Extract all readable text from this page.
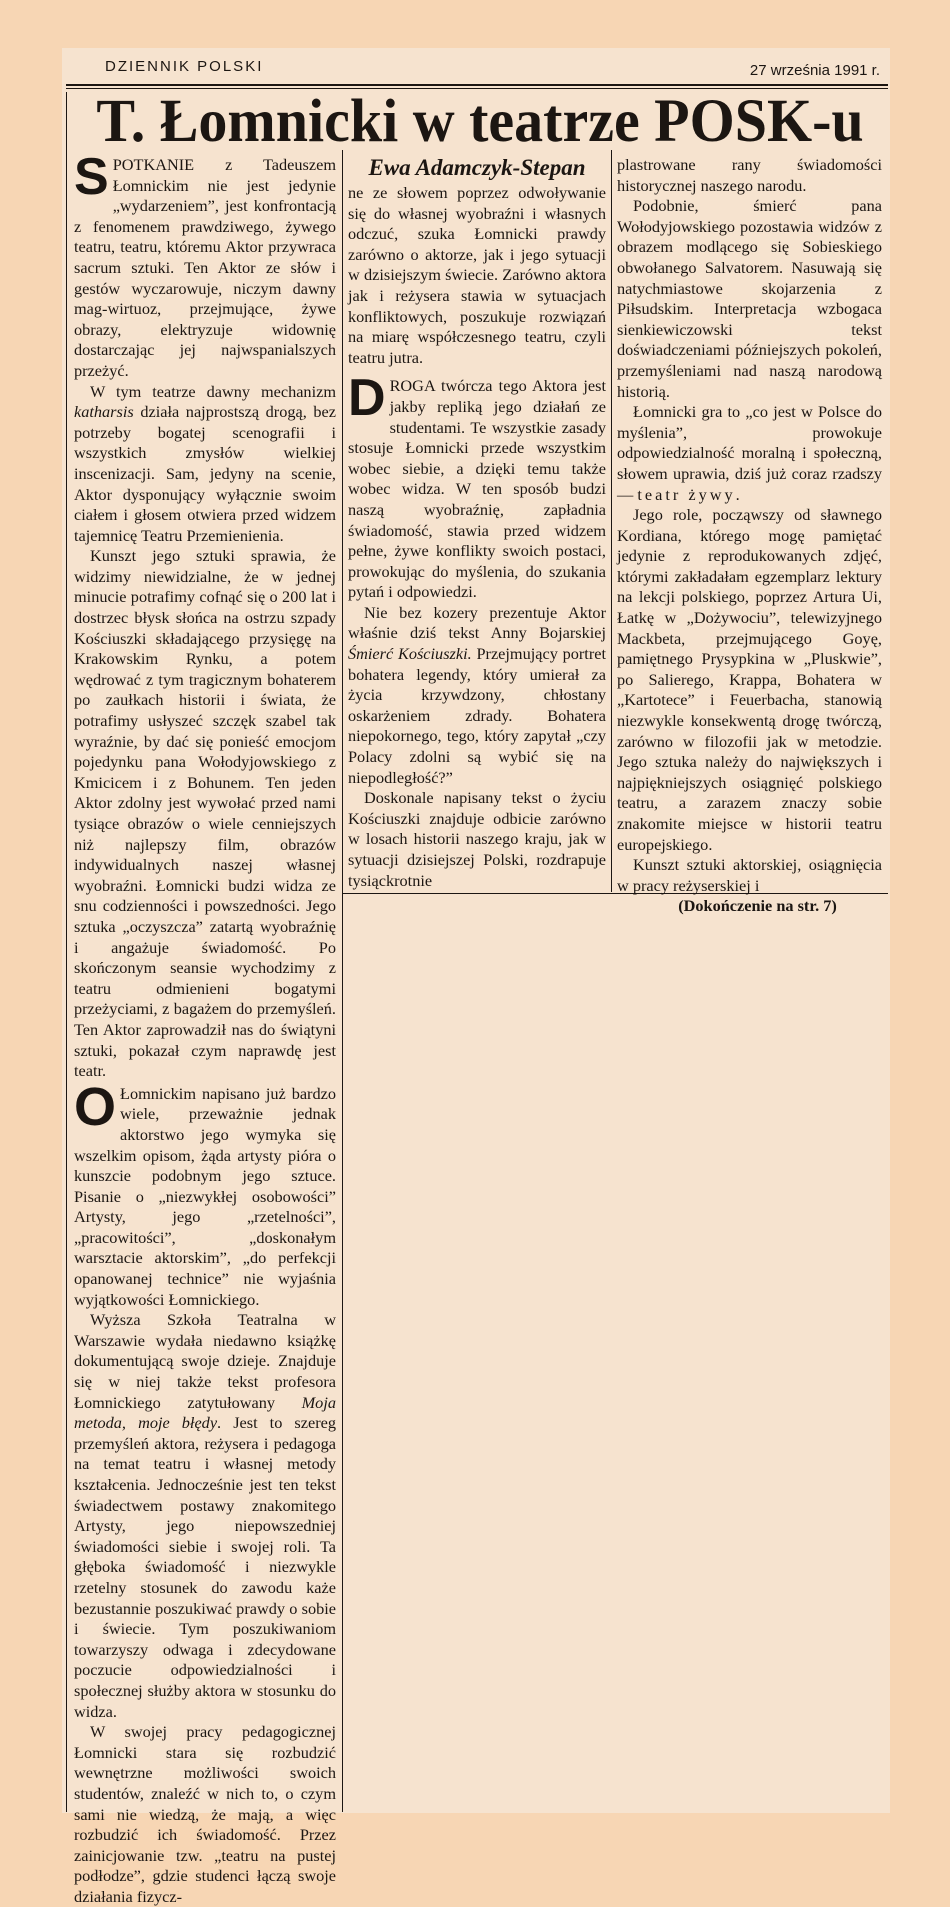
DZIENNIK POLSKI	27 września 1991 r.
T. Łomnicki w teatrze POSK-u

SPOTKANIE z Tadeuszem Łomnickim nie jest jedynie „wydarzeniem”, jest konfrontacją z fenomenem prawdziwego, żywego teatru, teatru, któremu Aktor przywraca sacrum sztuki. Ten Aktor ze słów i gestów wyczarowuje, niczym dawny mag-wirtuoz, przejmujące, żywe obrazy, elektryzuje widownię dostarczając jej najwspanialszych przeżyć.

W tym teatrze dawny mechanizm katharsis działa najprostszą drogą, bez potrzeby bogatej scenografii i wszystkich zmysłów wielkiej inscenizacji. Sam, jedyny na scenie, Aktor dysponujący wyłącznie swoim ciałem i głosem otwiera przed widzem tajemnicę Teatru Przemienienia.

Kunszt jego sztuki sprawia, że widzimy niewidzialne, że w jednej minucie potrafimy cofnąć się o 200 lat i dostrzec błysk słońca na ostrzu szpady Kościuszki składającego przysięgę na Krakowskim Rynku, a potem wędrować z tym tragicznym bohaterem po zaułkach historii i świata, że potrafimy usłyszeć szczęk szabel tak wyraźnie, by dać się ponieść emocjom pojedynku pana Wołodyjowskiego z Kmicicem i z Bohunem. Ten jeden Aktor zdolny jest wywołać przed nami tysiące obrazów o wiele cenniejszych niż najlepszy film, obrazów indywidualnych naszej własnej wyobraźni. Łomnicki budzi widza ze snu codzienności i powszedności. Jego sztuka „oczyszcza” zatartą wyobraźnię i angażuje świadomość. Po skończonym seansie wychodzimy z teatru odmienieni bogatymi przeżyciami, z bagażem do przemyśleń. Ten Aktor zaprowadził nas do świątyni sztuki, pokazał czym naprawdę jest teatr.

O Łomnickim napisano już bardzo wiele, przeważnie jednak aktorstwo jego wymyka się wszelkim opisom, żąda artysty pióra o kunszcie podobnym jego sztuce. Pisanie o „niezwykłej osobowości” Artysty, jego „rzetelności”, „pracowitości”, „doskonałym warsztacie aktorskim”, „do perfekcji opanowanej technice” nie wyjaśnia wyjątkowości Łomnickiego.

Wyższa Szkoła Teatralna w Warszawie wydała niedawno książkę dokumentującą swoje dzieje. Znajduje się w niej także tekst profesora Łomnickiego zatytułowany Moja metoda, moje błędy. Jest to szereg przemyśleń aktora, reżysera i pedagoga na temat teatru i własnej metody kształcenia. Jednocześnie jest ten tekst świadectwem postawy znakomitego Artysty, jego niepowszedniej świadomości siebie i swojej roli. Ta głęboka świadomość i niezwykle rzetelny stosunek do zawodu każe bezustannie poszukiwać prawdy o sobie i świecie. Tym poszukiwaniom towarzyszy odwaga i zdecydowane poczucie odpowiedzialności i społecznej służby aktora w stosunku do widza.

W swojej pracy pedagogicznej Łomnicki stara się rozbudzić wewnętrzne możliwości swoich studentów, znaleźć w nich to, o czym sami nie wiedzą, że mają, a więc rozbudzić ich świadomość. Przez zainicjowanie tzw. „teatru na pustej podłodze”, gdzie studenci łączą swoje działania fizycz-

Ewa Adamczyk-Stepan

ne ze słowem poprzez odwoływanie się do własnej wyobraźni i własnych odczuć, szuka Łomnicki prawdy zarówno o aktorze, jak i jego sytuacji w dzisiejszym świecie. Zarówno aktora jak i reżysera stawia w sytuacjach konfliktowych, poszukuje rozwiązań na miarę współczesnego teatru, czyli teatru jutra.

DROGA twórcza tego Aktora jest jakby repliką jego działań ze studentami. Te wszystkie zasady stosuje Łomnicki przede wszystkim wobec siebie, a dzięki temu także wobec widza. W ten sposób budzi naszą wyobraźnię, zapładnia świadomość, stawia przed widzem pełne, żywe konflikty swoich postaci, prowokując do myślenia, do szukania pytań i odpowiedzi.

Nie bez kozery prezentuje Aktor właśnie dziś tekst Anny Bojarskiej Śmierć Kościuszki. Przejmujący portret bohatera legendy, który umierał za życia krzywdzony, chłostany oskarżeniem zdrady. Bohatera niepokornego, tego, który zapytał „czy Polacy zdolni są wybić się na niepodległość?”

Doskonale napisany tekst o życiu Kościuszki znajduje odbicie zarówno w losach historii naszego kraju, jak w sytuacji dzisiejszej Polski, rozdrapuje tysiąckrotnie

plastrowane rany świadomości historycznej naszego narodu.

Podobnie, śmierć pana Wołodyjowskiego pozostawia widzów z obrazem modlącego się Sobieskiego obwołanego Salvatorem. Nasuwają się natychmiastowe skojarzenia z Piłsudskim. Interpretacja wzbogaca sienkiewiczowski tekst doświadczeniami późniejszych pokoleń, przemyśleniami nad naszą narodową historią.

Łomnicki gra to „co jest w Polsce do myślenia”, prowokuje odpowiedzialność moralną i społeczną, słowem uprawia, dziś już coraz rzadszy — teatr żywy.

Jego role, począwszy od sławnego Kordiana, którego mogę pamiętać jedynie z reprodukowanych zdjęć, którymi zakładałam egzemplarz lektury na lekcji polskiego, poprzez Artura Ui, Łatkę w „Dożywociu”, telewizyjnego Mackbeta, przejmującego Goyę, pamiętnego Prysypkina w „Pluskwie”, po Salierego, Krappa, Bohatera w „Kartotece” i Feuerbacha, stanowią niezwykle konsekwentą drogę twórczą, zarówno w filozofii jak w metodzie. Jego sztuka należy do największych i najpiękniejszych osiągnięć polskiego teatru, a zarazem znaczy sobie znakomite miejsce w historii teatru europejskiego.

Kunszt sztuki aktorskiej, osiągnięcia w pracy reżyserskiej i

(Dokończenie na str. 7)
